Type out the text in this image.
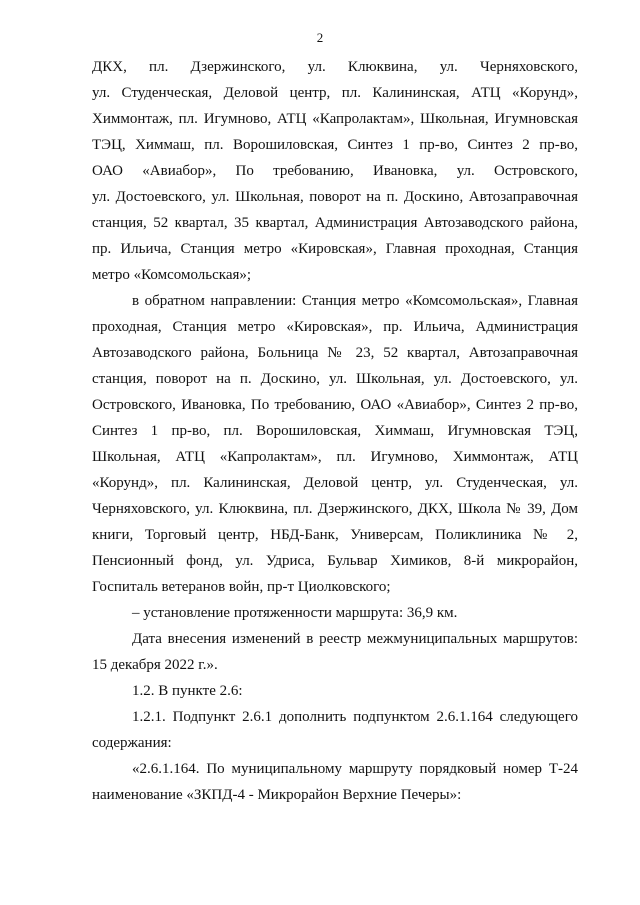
2

ДКХ, пл. Дзержинского, ул. Клюквина, ул. Черняховского,
ул. Студенческая, Деловой центр, пл. Калининская, АТЦ «Корунд»,
Химмонтаж, пл. Игумново, АТЦ «Капролактам», Школьная, Игумновская
ТЭЦ, Химмаш, пл. Ворошиловская, Синтез 1 пр-во, Синтез 2 пр-во,
ОАО «Авиабор», По требованию, Ивановка, ул. Островского,
ул. Достоевского, ул. Школьная, поворот на п. Доскино, Автозаправочная
станция, 52 квартал, 35 квартал, Администрация Автозаводского района,
пр. Ильича, Станция метро «Кировская», Главная проходная, Станция
метро «Комсомольская»;

в обратном направлении: Станция метро «Комсомольская», Главная
проходная, Станция метро «Кировская», пр. Ильича, Администрация
Автозаводского района, Больница № 23, 52 квартал, Автозаправочная
станция, поворот на п. Доскино, ул. Школьная, ул. Достоевского, ул.
Островского, Ивановка, По требованию, ОАО «Авиабор», Синтез 2 пр-во,
Синтез 1 пр-во, пл. Ворошиловская, Химмаш, Игумновская ТЭЦ,
Школьная, АТЦ «Капролактам», пл. Игумново, Химмонтаж, АТЦ
«Корунд», пл. Калининская, Деловой центр, ул. Студенческая, ул.
Черняховского, ул. Клюквина, пл. Дзержинского, ДКХ, Школа № 39, Дом
книги, Торговый центр, НБД-Банк, Универсам, Поликлиника № 2,
Пенсионный фонд, ул. Удриса, Бульвар Химиков, 8-й микрорайон,
Госпиталь ветеранов войн, пр-т Циолковского;

– установление протяженности маршрута: 36,9 км.

Дата внесения изменений в реестр межмуниципальных маршрутов:
15 декабря 2022 г.».

1.2. В пункте 2.6:

1.2.1. Подпункт 2.6.1 дополнить подпунктом 2.6.1.164 следующего
содержания:

«2.6.1.164. По муниципальному маршруту порядковый номер Т-24
наименование «ЗКПД-4 - Микрорайон Верхние Печеры»:
